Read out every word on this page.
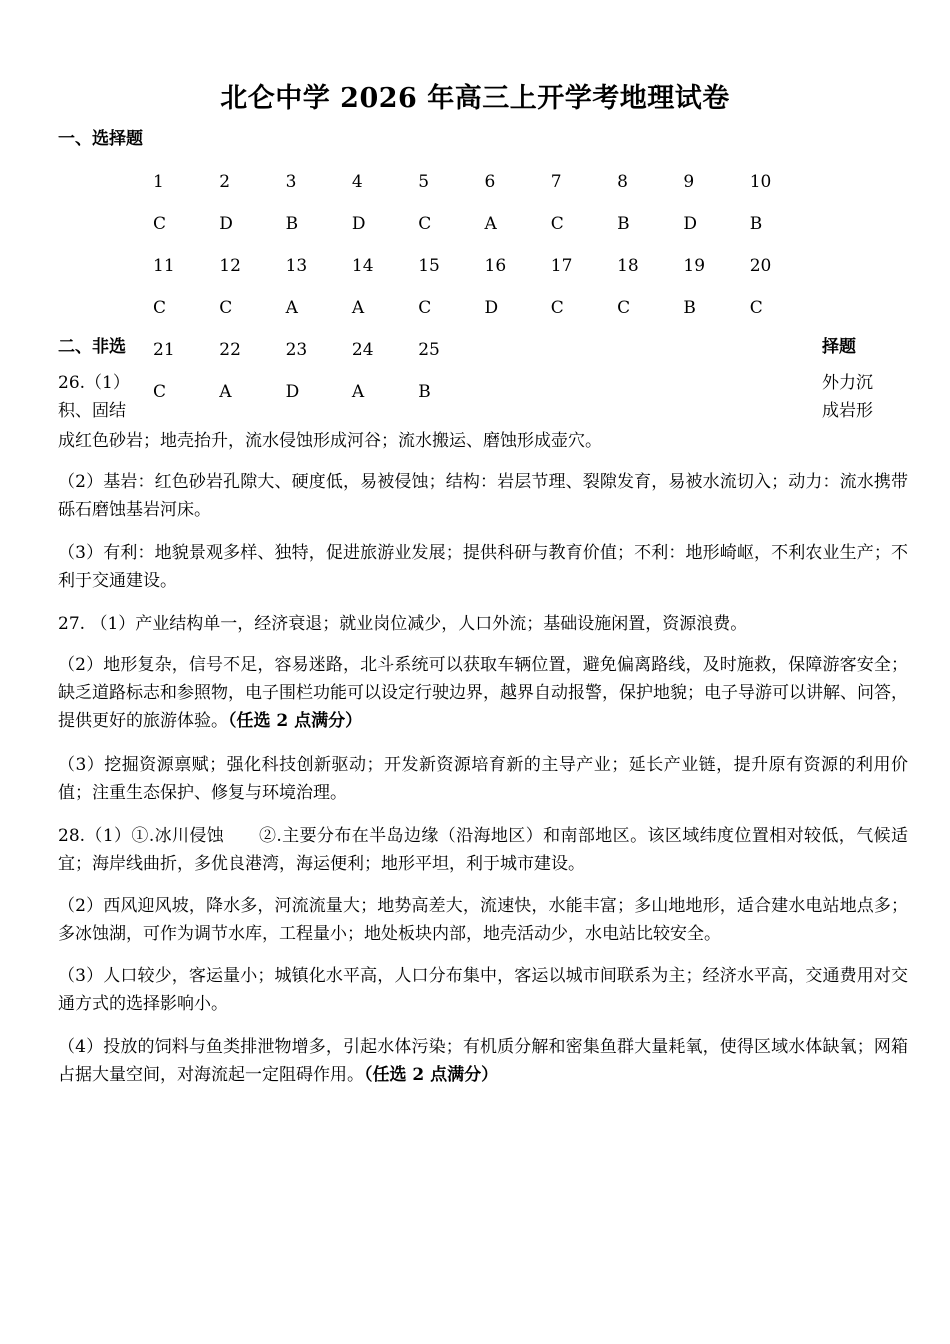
北仑中学 2026 年高三上开学考地理试卷
一、选择题
1	2	3	4	5	6	7	8	9	10
C	D	B	D	C	A	C	B	D	B
11	12	13	14	15	16	17	18	19	20
C	C	A	A	C	D	C	C	B	C
21	22	23	24	25
C	A	D	A	B
二、非选	择题
26.（1）
积、固结
外力沉
成岩形
成红色砂岩；地壳抬升，流水侵蚀形成河谷；流水搬运、磨蚀形成壶穴。
（2）基岩：红色砂岩孔隙大、硬度低，易被侵蚀；结构：岩层节理、裂隙发育，易被水流切入；动力：流水携带砾石磨蚀基岩河床。
（3）有利：地貌景观多样、独特，促进旅游业发展；提供科研与教育价值；不利：地形崎岖，不利农业生产；不利于交通建设。
27. （1）产业结构单一，经济衰退；就业岗位减少，人口外流；基础设施闲置，资源浪费。
（2）地形复杂，信号不足，容易迷路，北斗系统可以获取车辆位置，避免偏离路线，及时施救，保障游客安全；缺乏道路标志和参照物，电子围栏功能可以设定行驶边界，越界自动报警，保护地貌；电子导游可以讲解、问答，提供更好的旅游体验。（任选 2 点满分）
（3）挖掘资源禀赋；强化科技创新驱动；开发新资源培育新的主导产业；延长产业链，提升原有资源的利用价值；注重生态保护、修复与环境治理。
28.（1）①.冰川侵蚀　　②.主要分布在半岛边缘（沿海地区）和南部地区。该区域纬度位置相对较低，气候适宜；海岸线曲折，多优良港湾，海运便利；地形平坦，利于城市建设。
（2）西风迎风坡，降水多，河流流量大；地势高差大，流速快，水能丰富；多山地地形，适合建水电站地点多；多冰蚀湖，可作为调节水库，工程量小；地处板块内部，地壳活动少，水电站比较安全。
（3）人口较少，客运量小；城镇化水平高，人口分布集中，客运以城市间联系为主；经济水平高，交通费用对交通方式的选择影响小。
（4）投放的饲料与鱼类排泄物增多，引起水体污染；有机质分解和密集鱼群大量耗氧，使得区域水体缺氧；网箱占据大量空间，对海流起一定阻碍作用。（任选 2 点满分）
